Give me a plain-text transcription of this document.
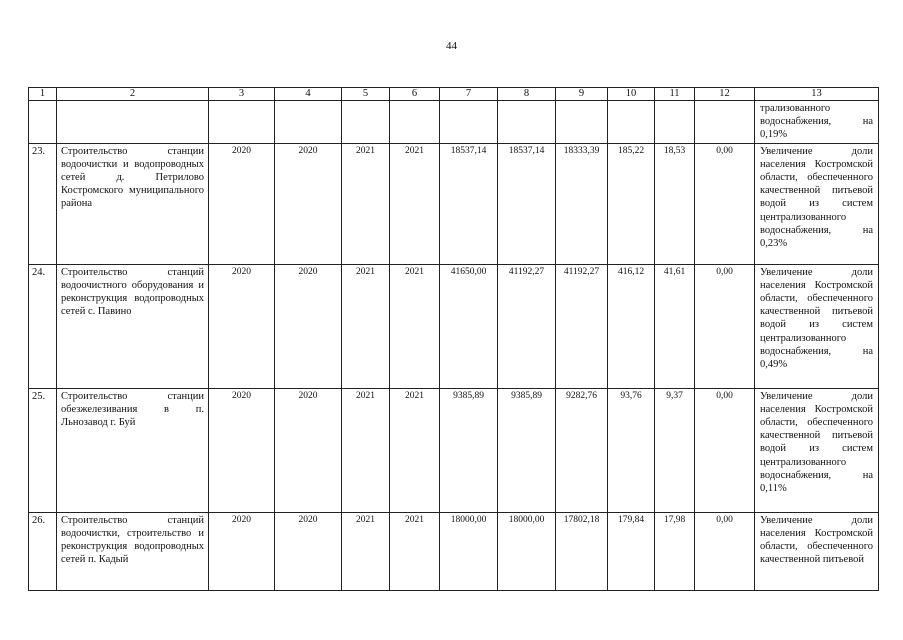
44
1	2	3	4	5	6	7	8	9	10	11	12	13
												трализованного водоснабжения, на 0,19%
23.	Строительство станции водоочистки и водопроводных сетей д. Петрилово Костромского муниципального района	2020	2020	2021	2021	18537,14	18537,14	18333,39	185,22	18,53	0,00	Увеличение доли населения Костромской области, обеспеченного качественной питьевой водой из систем централизованного водоснабжения, на 0,23%
24.	Строительство станций водоочистного оборудования и реконструкция водопроводных сетей с. Павино	2020	2020	2021	2021	41650,00	41192,27	41192,27	416,12	41,61	0,00	Увеличение доли населения Костромской области, обеспеченного качественной питьевой водой из систем централизованного водоснабжения, на 0,49%
25.	Строительство станции обезжелезивания в п. Льнозавод г. Буй	2020	2020	2021	2021	9385,89	9385,89	9282,76	93,76	9,37	0,00	Увеличение доли населения Костромской области, обеспеченного качественной питьевой водой из систем централизованного водоснабжения, на 0,11%
26.	Строительство станций водоочистки, строительство и реконструкция водопроводных сетей п. Кадый	2020	2020	2021	2021	18000,00	18000,00	17802,18	179,84	17,98	0,00	Увеличение доли населения Костромской области, обеспеченного качественной питьевой
